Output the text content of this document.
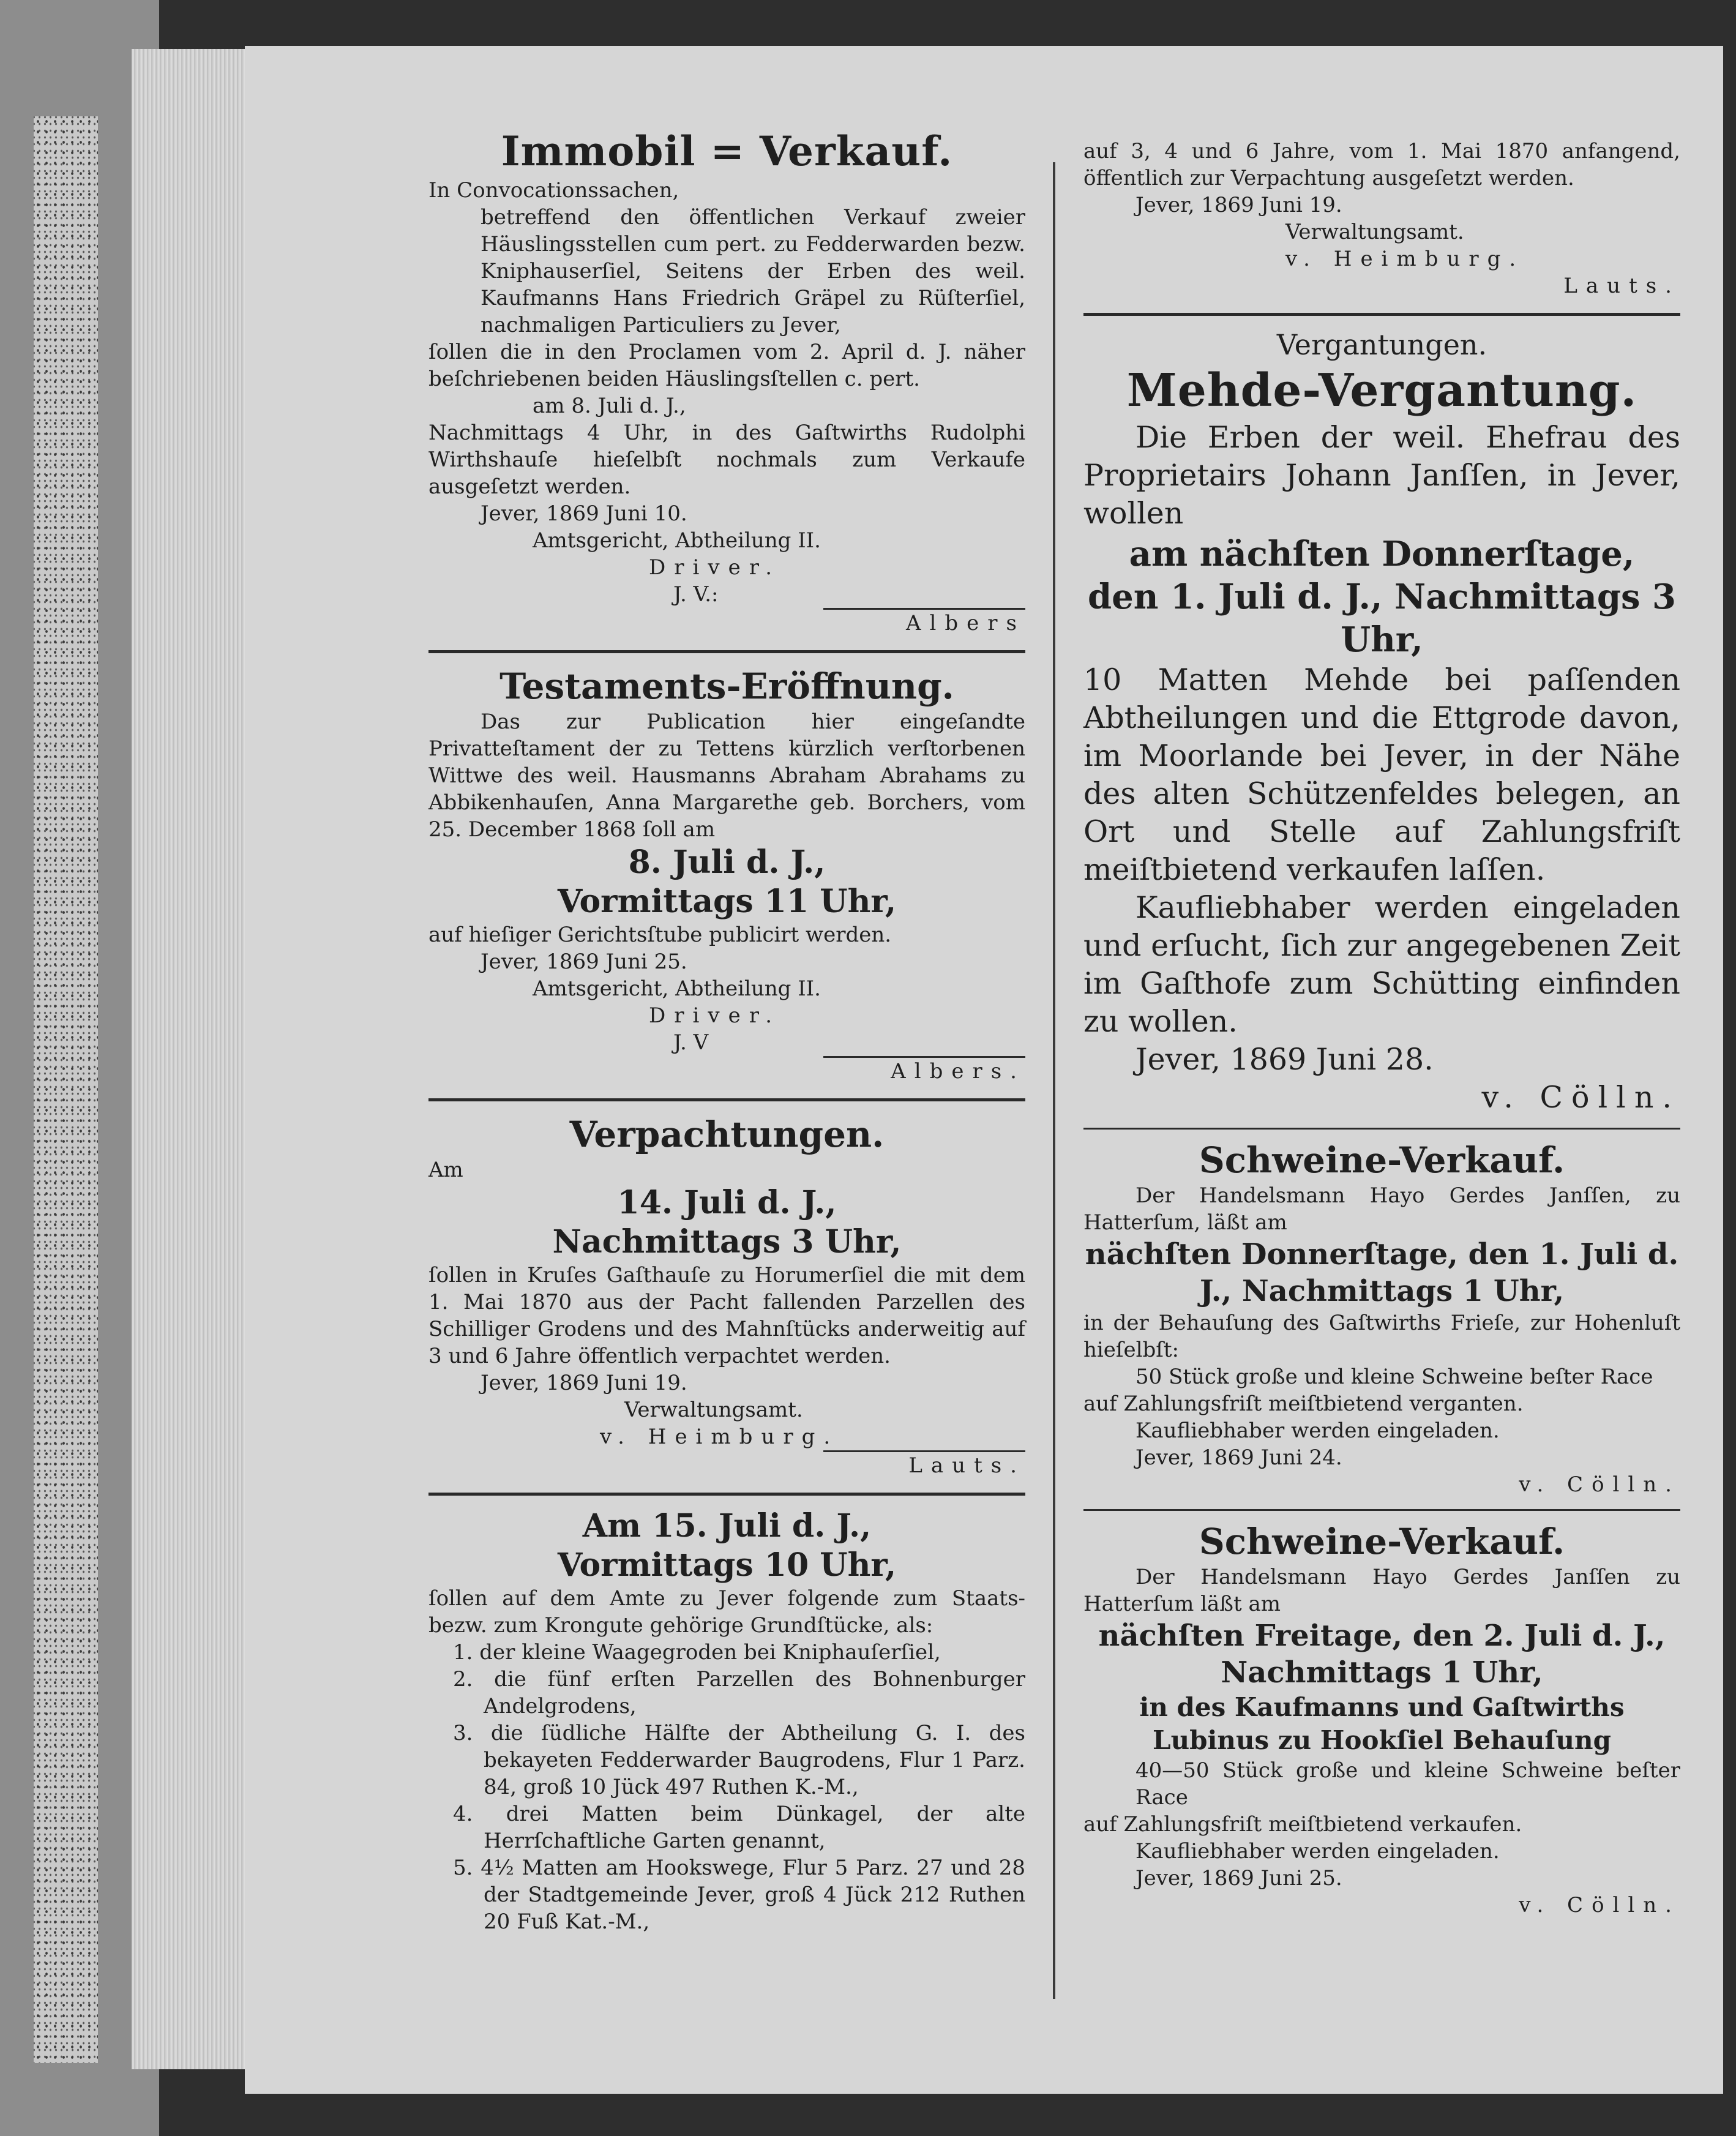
Immobil = Verkauf.
In Convocationssachen,
betreffend den öffentlichen Verkauf zweier Häuslingsstellen cum pert. zu Fedderwarden bezw. Kniphauserſiel, Seitens der Erben des weil. Kaufmanns Hans Friedrich Gräpel zu Rüſterſiel, nachmaligen Particuliers zu Jever,
ſollen die in den Proclamen vom 2. April d. J. näher beſchriebenen beiden Häuslingsſtellen c. pert.
am 8. Juli d. J.,
Nachmittags 4 Uhr, in des Gaſtwirths Rudolphi Wirthshauſe hieſelbſt nochmals zum Verkaufe ausgeſetzt werden.
Jever, 1869 Juni 10.
Amtsgericht, Abtheilung II.
Driver.
J. V.:
Albers
Testaments-Eröffnung.
Das zur Publication hier eingeſandte Privatteſtament der zu Tettens kürzlich verſtorbenen Wittwe des weil. Hausmanns Abraham Abrahams zu Abbikenhauſen, Anna Margarethe geb. Borchers, vom 25. December 1868 ſoll am
8. Juli d. J.,
Vormittags 11 Uhr,
auf hieſiger Gerichtsſtube publicirt werden.
Jever, 1869 Juni 25.
Amtsgericht, Abtheilung II.
Driver.
J. V
Albers.
Verpachtungen.
Am
14. Juli d. J.,
Nachmittags 3 Uhr,
ſollen in Kruſes Gaſthauſe zu Horumerſiel die mit dem 1. Mai 1870 aus der Pacht fallenden Parzellen des Schilliger Grodens und des Mahnſtücks anderweitig auf 3 und 6 Jahre öffentlich verpachtet werden.
Jever, 1869 Juni 19.
Verwaltungsamt.
v. Heimburg.
Lauts.
Am 15. Juli d. J.,
Vormittags 10 Uhr,
ſollen auf dem Amte zu Jever folgende zum Staats- bezw. zum Krongute gehörige Grundſtücke, als:
1. der kleine Waagegroden bei Kniphauſerſiel,
2. die fünf erſten Parzellen des Bohnenburger Andelgrodens,
3. die ſüdliche Hälfte der Abtheilung G. I. des bekayeten Fedderwarder Baugrodens, Flur 1 Parz. 84, groß 10 Jück 497 Ruthen K.-M.,
4. drei Matten beim Dünkagel, der alte Herrſchaftliche Garten genannt,
5. 4½ Matten am Hookswege, Flur 5 Parz. 27 und 28 der Stadtgemeinde Jever, groß 4 Jück 212 Ruthen 20 Fuß Kat.-M.,
auf 3, 4 und 6 Jahre, vom 1. Mai 1870 anfangend, öffentlich zur Verpachtung ausgeſetzt werden.
Jever, 1869 Juni 19.
Verwaltungsamt.
v. Heimburg.
Lauts.
Vergantungen.
Mehde-Vergantung.
Die Erben der weil. Ehefrau des Proprietairs Johann Janſſen, in Jever, wollen
am nächſten Donnerſtage,
den 1. Juli d. J., Nachmittags 3 Uhr,
10 Matten Mehde bei paſſenden Abtheilungen und die Ettgrode davon, im Moorlande bei Jever, in der Nähe des alten Schützenfeldes belegen, an Ort und Stelle auf Zahlungsfriſt meiſtbietend verkaufen laſſen.
Kaufliebhaber werden eingeladen und erſucht, ſich zur angegebenen Zeit im Gaſthofe zum Schütting einfinden zu wollen.
Jever, 1869 Juni 28.
v. Cölln.
Schweine-Verkauf.
Der Handelsmann Hayo Gerdes Janſſen, zu Hatterſum, läßt am
nächſten Donnerſtage, den 1. Juli d. J., Nachmittags 1 Uhr,
in der Behauſung des Gaſtwirths Frieſe, zur Hohenluſt hieſelbſt:
50 Stück große und kleine Schweine beſter Race
auf Zahlungsfriſt meiſtbietend verganten.
Kaufliebhaber werden eingeladen.
Jever, 1869 Juni 24.
v. Cölln.
Schweine-Verkauf.
Der Handelsmann Hayo Gerdes Janſſen zu Hatterſum läßt am
nächſten Freitage, den 2. Juli d. J., Nachmittags 1 Uhr,
in des Kaufmanns und Gaſtwirths Lubinus zu Hookſiel Behauſung
40—50 Stück große und kleine Schweine beſter Race
auf Zahlungsfriſt meiſtbietend verkaufen.
Kaufliebhaber werden eingeladen.
Jever, 1869 Juni 25.
v. Cölln.
